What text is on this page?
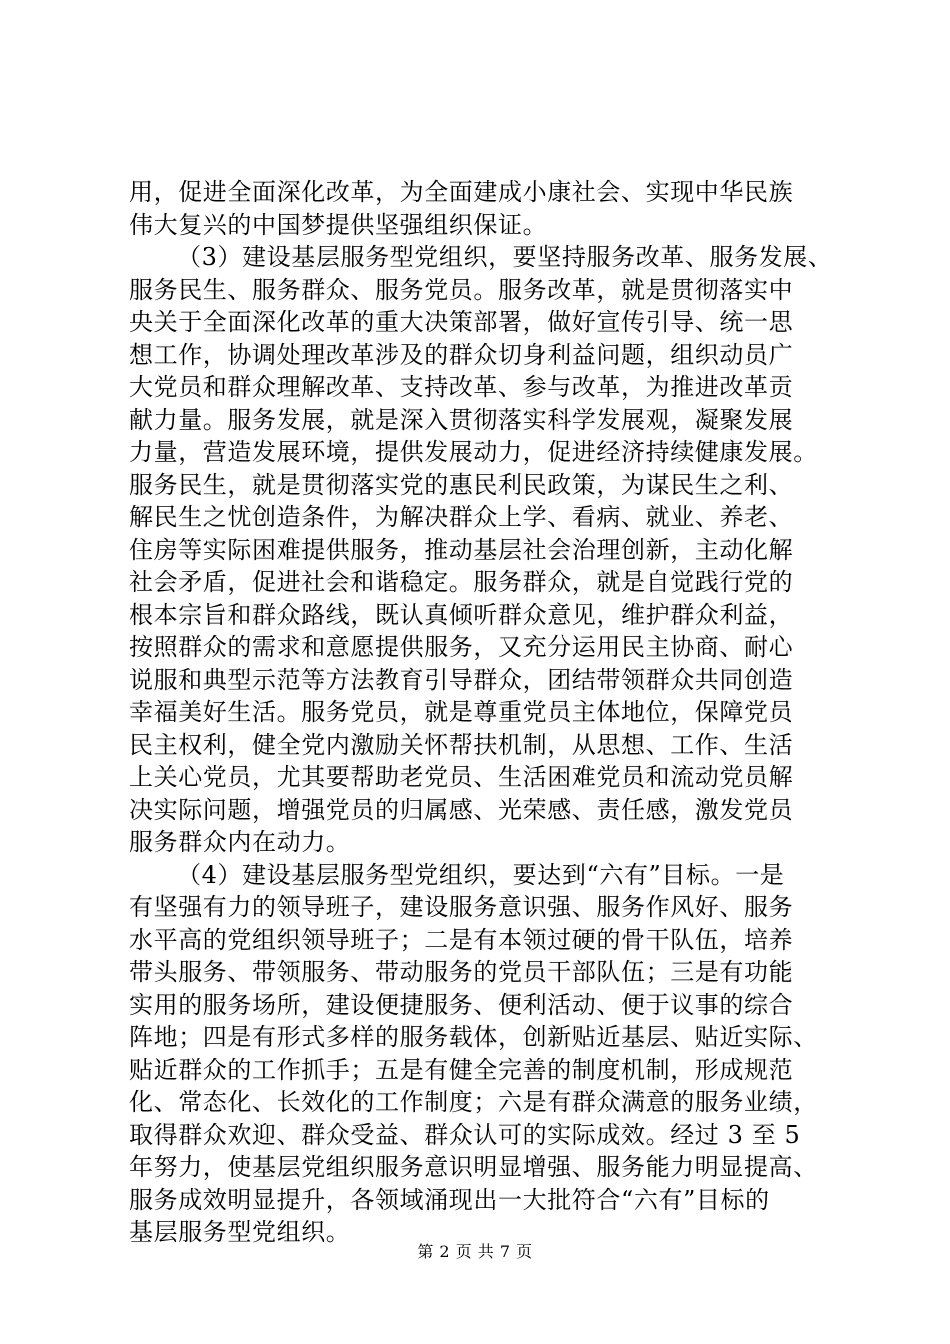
用，促进全面深化改革，为全面建成小康社会、实现中华民族
伟大复兴的中国梦提供坚强组织保证。
（3）建设基层服务型党组织，要坚持服务改革、服务发展、
服务民生、服务群众、服务党员。服务改革，就是贯彻落实中
央关于全面深化改革的重大决策部署，做好宣传引导、统一思
想工作，协调处理改革涉及的群众切身利益问题，组织动员广
大党员和群众理解改革、支持改革、参与改革，为推进改革贡
献力量。服务发展，就是深入贯彻落实科学发展观，凝聚发展
力量，营造发展环境，提供发展动力，促进经济持续健康发展。
服务民生，就是贯彻落实党的惠民利民政策，为谋民生之利、
解民生之忧创造条件，为解决群众上学、看病、就业、养老、
住房等实际困难提供服务，推动基层社会治理创新，主动化解
社会矛盾，促进社会和谐稳定。服务群众，就是自觉践行党的
根本宗旨和群众路线，既认真倾听群众意见，维护群众利益，
按照群众的需求和意愿提供服务，又充分运用民主协商、耐心
说服和典型示范等方法教育引导群众，团结带领群众共同创造
幸福美好生活。服务党员，就是尊重党员主体地位，保障党员
民主权利，健全党内激励关怀帮扶机制，从思想、工作、生活
上关心党员，尤其要帮助老党员、生活困难党员和流动党员解
决实际问题，增强党员的归属感、光荣感、责任感，激发党员
服务群众内在动力。
（4）建设基层服务型党组织，要达到“六有”目标。一是
有坚强有力的领导班子，建设服务意识强、服务作风好、服务
水平高的党组织领导班子；二是有本领过硬的骨干队伍，培养
带头服务、带领服务、带动服务的党员干部队伍；三是有功能
实用的服务场所，建设便捷服务、便利活动、便于议事的综合
阵地；四是有形式多样的服务载体，创新贴近基层、贴近实际、
贴近群众的工作抓手；五是有健全完善的制度机制，形成规范
化、常态化、长效化的工作制度；六是有群众满意的服务业绩，
取得群众欢迎、群众受益、群众认可的实际成效。经过 3 至 5
年努力，使基层党组织服务意识明显增强、服务能力明显提高、
服务成效明显提升，各领域涌现出一大批符合“六有”目标的
基层服务型党组织。
第 2 页 共 7 页
